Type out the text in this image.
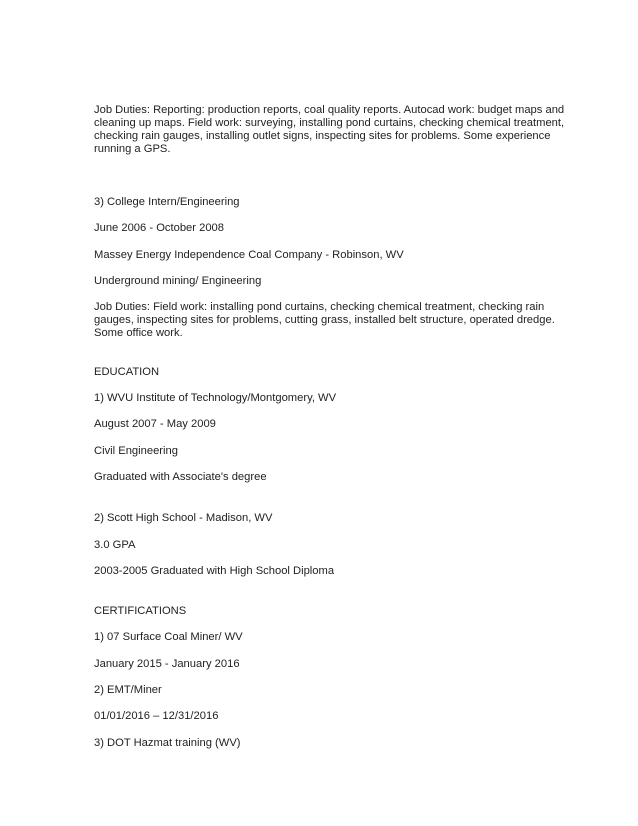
Job Duties: Reporting: production reports, coal quality reports. Autocad work: budget maps and
cleaning up maps. Field work: surveying, installing pond curtains, checking chemical treatment,
checking rain gauges, installing outlet signs, inspecting sites for problems. Some experience
running a GPS.
3) College Intern/Engineering
June 2006 - October 2008
Massey Energy Independence Coal Company - Robinson, WV
Underground mining/ Engineering
Job Duties: Field work: installing pond curtains, checking chemical treatment, checking rain
gauges, inspecting sites for problems, cutting grass, installed belt structure, operated dredge.
Some office work.
EDUCATION
1) WVU Institute of Technology/Montgomery, WV
August 2007 - May 2009
Civil Engineering
Graduated with Associate's degree
2) Scott High School - Madison, WV
3.0 GPA
2003-2005 Graduated with High School Diploma
CERTIFICATIONS
1) 07 Surface Coal Miner/ WV
January 2015 - January 2016
2) EMT/Miner
01/01/2016 – 12/31/2016
3) DOT Hazmat training (WV)
